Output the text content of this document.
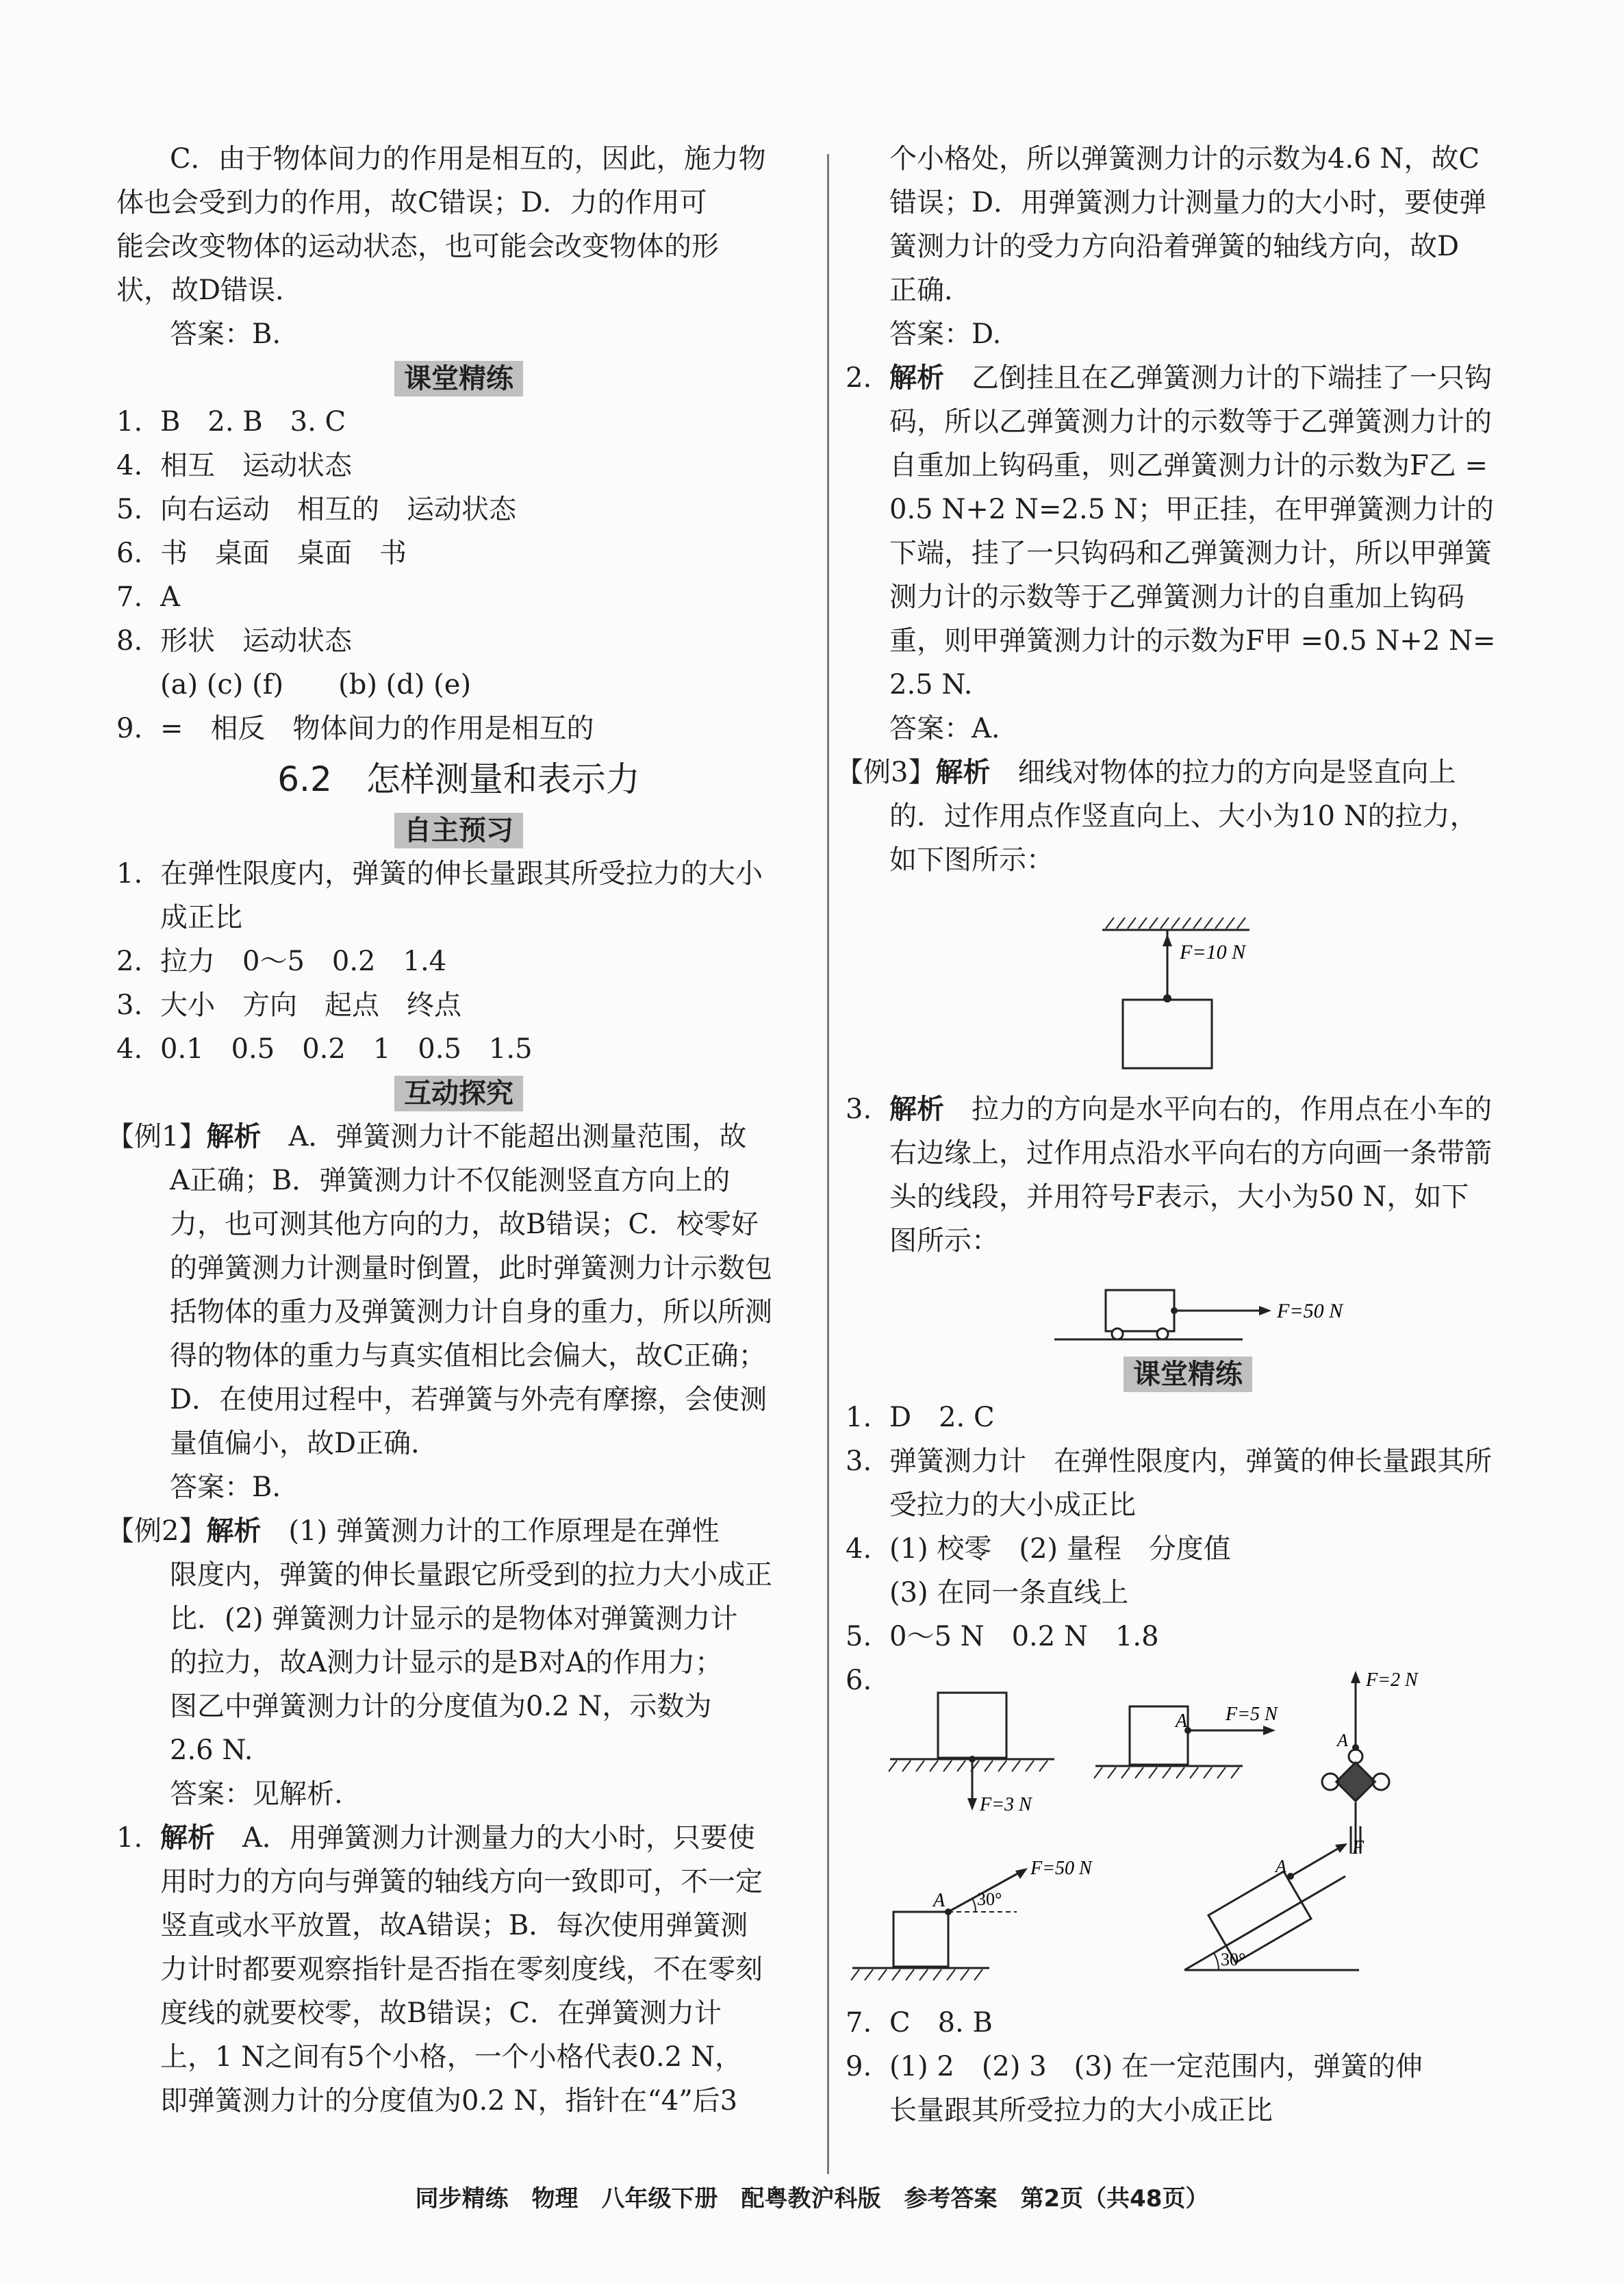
C．由于物体间力的作用是相互的，因此，施力物
体也会受到力的作用，故C错误；D．力的作用可
能会改变物体的运动状态，也可能会改变物体的形
状，故D错误．
答案：B.
课堂精练
1. B　2. B　3. C
4. 相互　运动状态
5. 向右运动　相互的　运动状态
6. 书　桌面　桌面　书
7. A
8. 形状　运动状态
(a) (c) (f)　　(b) (d) (e)
9. =　相反　物体间力的作用是相互的
6.2　怎样测量和表示力
自主预习
1. 在弹性限度内，弹簧的伸长量跟其所受拉力的大小
成正比
2. 拉力　0～5　0.2　1.4
3. 大小　方向　起点　终点
4. 0.1　0.5　0.2　1　0.5　1.5
互动探究
【例1】解析　A．弹簧测力计不能超出测量范围，故
A正确；B．弹簧测力计不仅能测竖直方向上的
力，也可测其他方向的力，故B错误；C．校零好
的弹簧测力计测量时倒置，此时弹簧测力计示数包
括物体的重力及弹簧测力计自身的重力，所以所测
得的物体的重力与真实值相比会偏大，故C正确；
D．在使用过程中，若弹簧与外壳有摩擦，会使测
量值偏小，故D正确．
答案：B.
【例2】解析　(1) 弹簧测力计的工作原理是在弹性
限度内，弹簧的伸长量跟它所受到的拉力大小成正
比．(2) 弹簧测力计显示的是物体对弹簧测力计
的拉力，故A测力计显示的是B对A的作用力；
图乙中弹簧测力计的分度值为0.2 N，示数为
2.6 N.
答案：见解析.
1. 解析　A．用弹簧测力计测量力的大小时，只要使
用时力的方向与弹簧的轴线方向一致即可，不一定
竖直或水平放置，故A错误；B．每次使用弹簧测
力计时都要观察指针是否指在零刻度线，不在零刻
度线的就要校零，故B错误；C．在弹簧测力计
上，1 N之间有5个小格，一个小格代表0.2 N，
即弹簧测力计的分度值为0.2 N，指针在“4”后3
个小格处，所以弹簧测力计的示数为4.6 N，故C
错误；D．用弹簧测力计测量力的大小时，要使弹
簧测力计的受力方向沿着弹簧的轴线方向，故D
正确．
答案：D.
2. 解析　乙倒挂且在乙弹簧测力计的下端挂了一只钩
码，所以乙弹簧测力计的示数等于乙弹簧测力计的
自重加上钩码重，则乙弹簧测力计的示数为F乙 =
0.5 N+2 N=2.5 N；甲正挂，在甲弹簧测力计的
下端，挂了一只钩码和乙弹簧测力计，所以甲弹簧
测力计的示数等于乙弹簧测力计的自重加上钩码
重，则甲弹簧测力计的示数为F甲 =0.5 N+2 N=
2.5 N.
答案：A.
【例3】解析　细线对物体的拉力的方向是竖直向上
的．过作用点作竖直向上、大小为10 N的拉力，
如下图所示：
F=10 N
3. 解析　拉力的方向是水平向右的，作用点在小车的
右边缘上，过作用点沿水平向右的方向画一条带箭
头的线段，并用符号F表示，大小为50 N，如下
图所示：
F=50 N
课堂精练
1. D　2. C
3. 弹簧测力计　在弹性限度内，弹簧的伸长量跟其所
受拉力的大小成正比
4. (1) 校零　(2) 量程　分度值
(3) 在同一条直线上
5. 0～5 N　0.2 N　1.8
6.
F=3 N
A F=5 N
F=2 N
A
A 30°
F=50 N	A
F
30°
7. C　8. B
9. (1) 2　(2) 3　(3) 在一定范围内，弹簧的伸
长量跟其所受拉力的大小成正比
同步精练　物理　八年级下册　配粤教沪科版　参考答案　第2页（共48页）
